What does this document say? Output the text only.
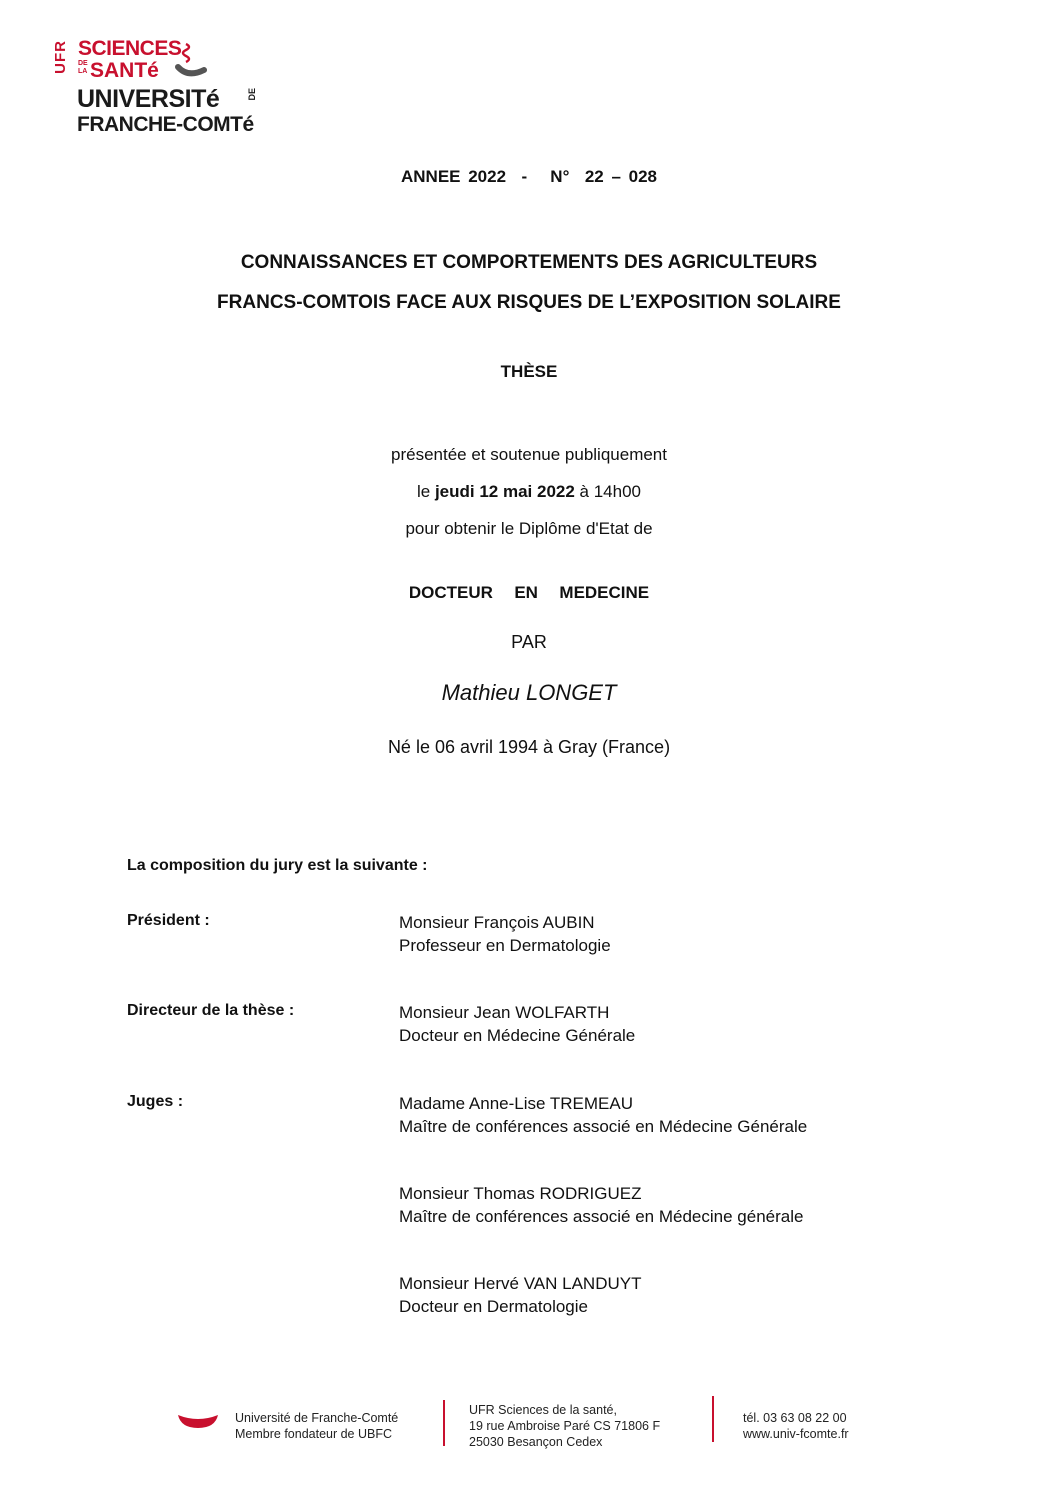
UFR SCIENCES
DE LA SANTé
UNIVERSITé	DE
FRANCHE-COMTé
ANNEE 2022  -   N°  22 – 028
CONNAISSANCES ET COMPORTEMENTS DES AGRICULTEURS
FRANCS-COMTOIS FACE AUX RISQUES DE L’EXPOSITION SOLAIRE
THÈSE
présentée et soutenue publiquement
le jeudi 12 mai 2022 à 14h00
pour obtenir le Diplôme d'Etat de
DOCTEUR  EN  MEDECINE
PAR
Mathieu LONGET
Né le 06 avril 1994 à Gray (France)
La composition du jury est la suivante :
Président :	Monsieur François AUBIN
Professeur en Dermatologie
Directeur de la thèse :	Monsieur Jean WOLFARTH
Docteur en Médecine Générale
Juges :	Madame Anne-Lise TREMEAU
Maître de conférences associé en Médecine Générale
Monsieur Thomas RODRIGUEZ
Maître de conférences associé en Médecine générale
Monsieur Hervé VAN LANDUYT
Docteur en Dermatologie
Université de Franche-Comté
Membre fondateur de UBFC
UFR Sciences de la santé,
19 rue Ambroise Paré CS 71806 F
25030 Besançon Cedex
tél. 03 63 08 22 00
www.univ-fcomte.fr
